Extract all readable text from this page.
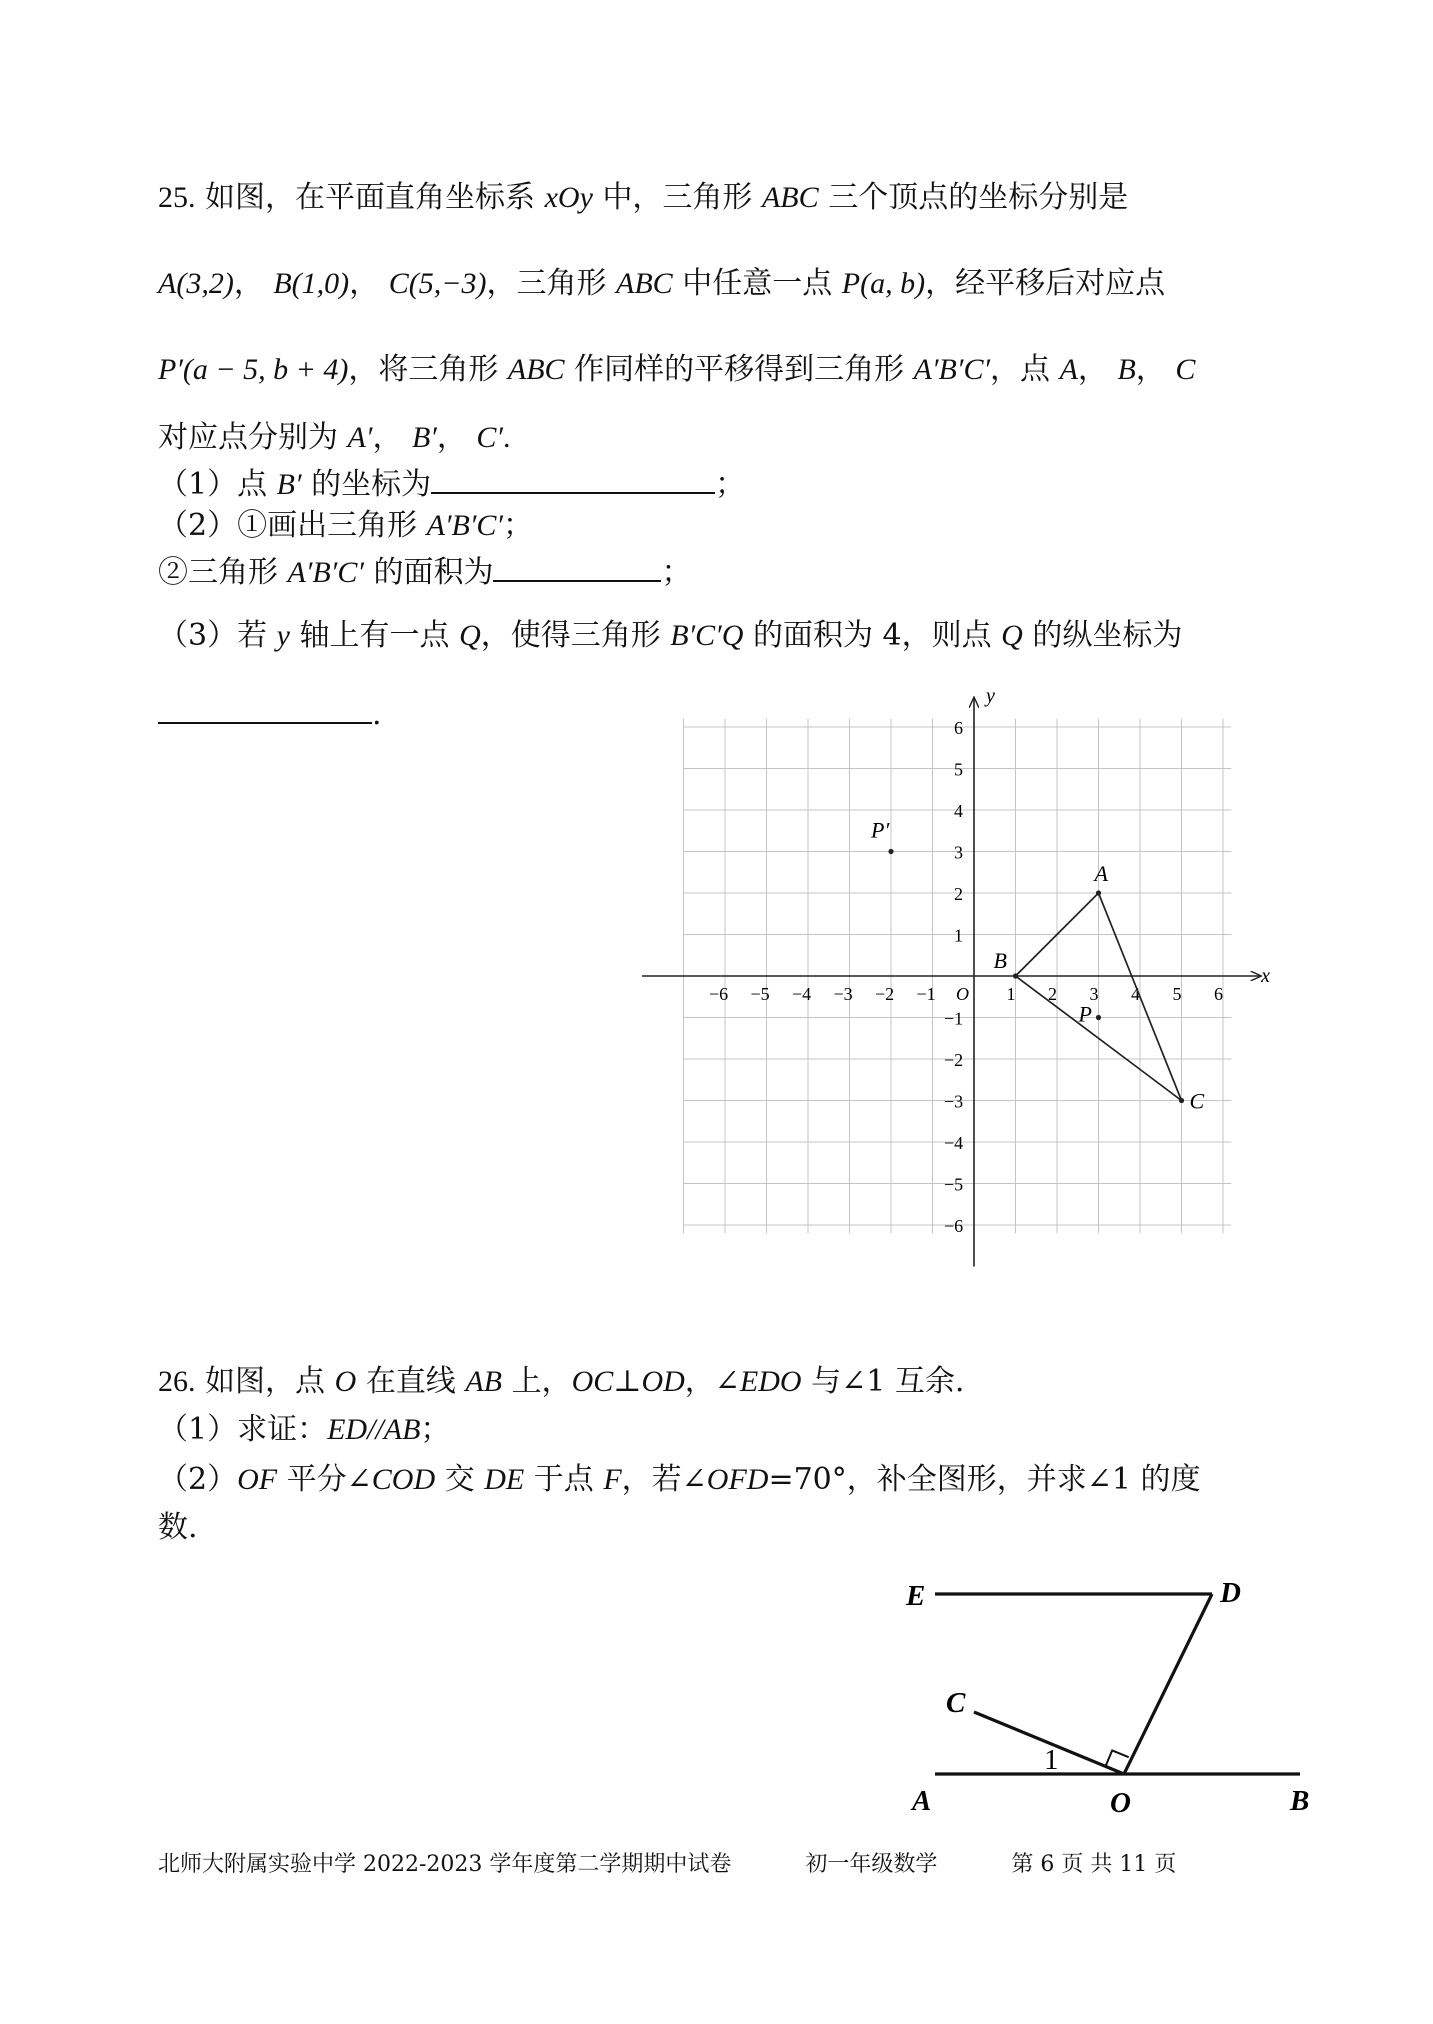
25. 如图，在平面直角坐标系 xOy 中，三角形 ABC 三个顶点的坐标分别是
A(3,2)， B(1,0)， C(5,−3)，三角形 ABC 中任意一点 P(a, b)，经平移后对应点
P′(a − 5, b + 4)，将三角形 ABC 作同样的平移得到三角形 A′B′C′，点 A， B， C
对应点分别为 A′， B′， C′.
（1）点 B′ 的坐标为	；
（2）①画出三角形 A′B′C′；
②三角形 A′B′C′ 的面积为	；
（3）若 y 轴上有一点 Q，使得三角形 B′C′Q 的面积为 4，则点 Q 的纵坐标为
.
x
y
O
−6 −5 −4 −3 −2 −1	1 2 3 4 5 6
6
5
4
3
2
1
−1
−2
−3
−4
−5
−6
A
B
C
P
P′
26. 如图，点 O 在直线 AB 上，OC⊥OD，∠EDO 与∠1 互余.
（1）求证：ED//AB；
（2）OF 平分∠COD 交 DE 于点 F，若∠OFD=70°，补全图形，并求∠1 的度
数.
E	D
C
A	O	B
1
北师大附属实验中学 2022-2023 学年度第二学期期中试卷	初一年级数学	第 6 页 共 11 页
